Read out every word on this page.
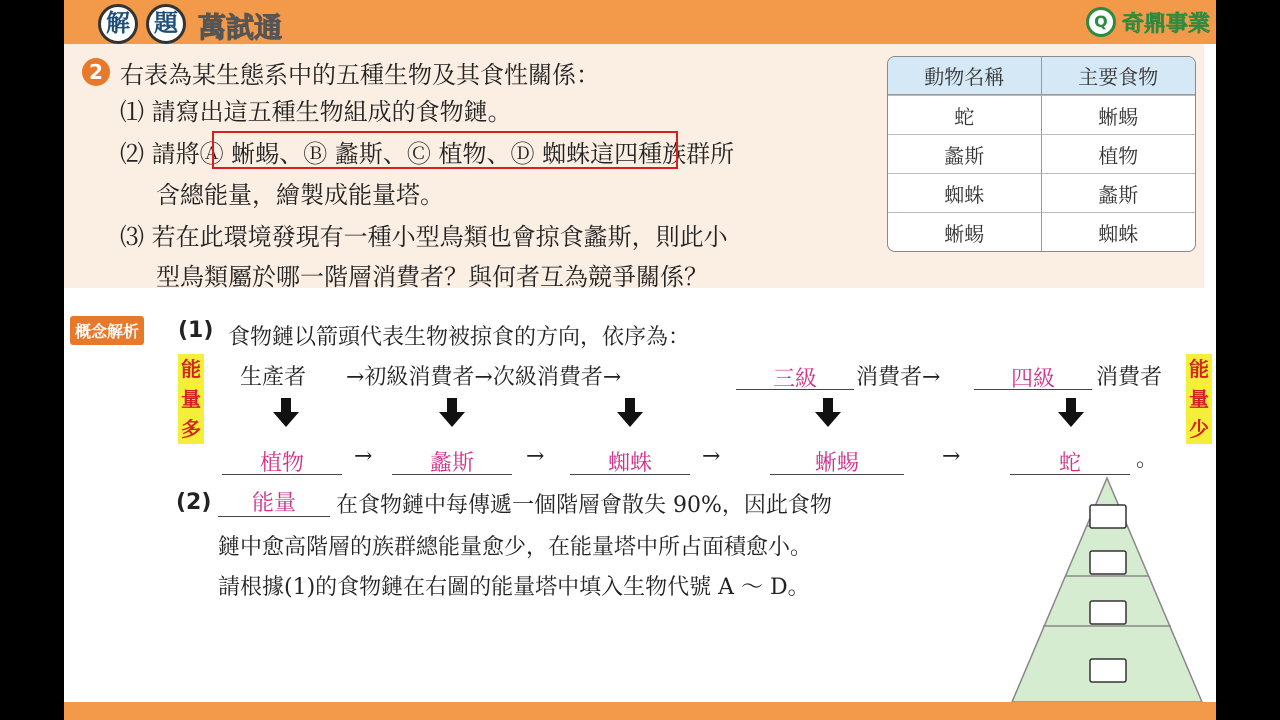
解	題 萬試通	Q 奇鼎事業
2 右表為某生態系中的五種生物及其食性關係：
⑴ 請寫出這五種生物組成的食物鏈。
⑵ 請將Ⓐ 蜥蜴、Ⓑ 蠡斯、Ⓒ 植物、Ⓓ 蜘蛛這四種族群所
含總能量，繪製成能量塔。
⑶ 若在此環境發現有一種小型鳥類也會掠食蠡斯，則此小
型鳥類屬於哪一階層消費者？與何者互為競爭關係？
動物名稱	主要食物
蛇	蜥蜴
蠡斯	植物
蜘蛛	蠡斯
蜥蜴	蜘蛛
概念解析 (1) 食物鏈以箭頭代表生物被掠食的方向，依序為：
能
量
多
能
量
少
生產者 →初級消費者→次級消費者→	三級	消費者→	四級	消費者
植物	→	蠡斯	→	蜘蛛	→	蜥蜴	→	蛇	。
(2)	能量	在食物鏈中每傳遞一個階層會散失 90%，因此食物
鏈中愈高階層的族群總能量愈少，在能量塔中所占面積愈小。
請根據(1)的食物鏈在右圖的能量塔中填入生物代號 A ～ D。
